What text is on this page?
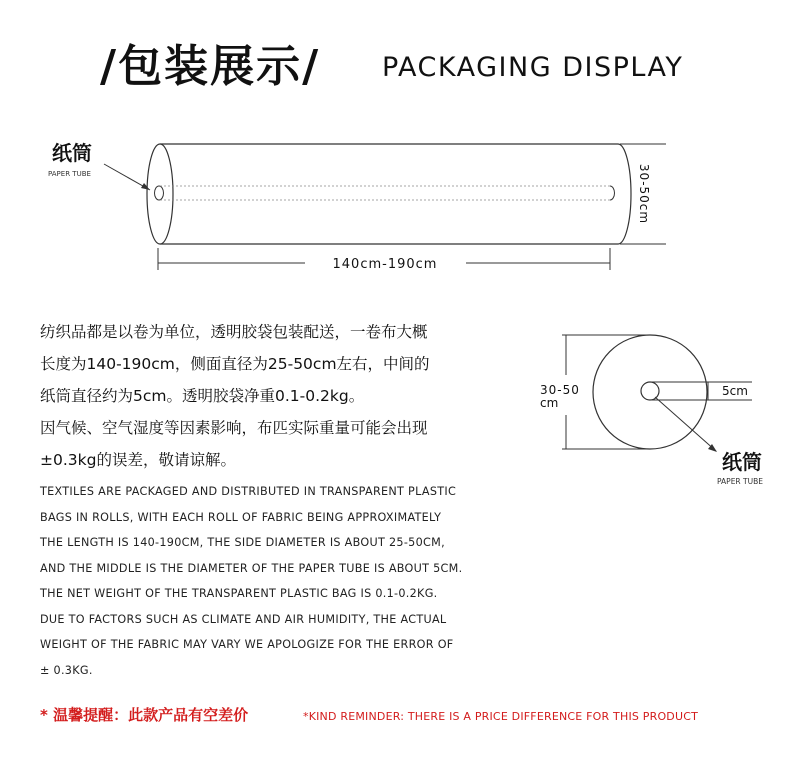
/包装展示/ PACKAGING DISPLAY
纸筒
PAPER TUBE
140cm-190cm
30-50cm
30-50
cm
5cm
纸筒
PAPER TUBE
纺织品都是以卷为单位，透明胶袋包装配送，一卷布大概
长度为140-190cm，侧面直径为25-50cm左右，中间的
纸筒直径约为5cm。透明胶袋净重0.1-0.2kg。
因气候、空气湿度等因素影响，布匹实际重量可能会出现
±0.3kg的误差，敬请谅解。
TEXTILES ARE PACKAGED AND DISTRIBUTED IN TRANSPARENT PLASTIC
BAGS IN ROLLS, WITH EACH ROLL OF FABRIC BEING APPROXIMATELY
THE LENGTH IS 140-190CM, THE SIDE DIAMETER IS ABOUT 25-50CM,
AND THE MIDDLE IS THE DIAMETER OF THE PAPER TUBE IS ABOUT 5CM.
THE NET WEIGHT OF THE TRANSPARENT PLASTIC BAG IS 0.1-0.2KG.
DUE TO FACTORS SUCH AS CLIMATE AND AIR HUMIDITY, THE ACTUAL
WEIGHT OF THE FABRIC MAY VARY WE APOLOGIZE FOR THE ERROR OF
± 0.3KG.
* 温馨提醒：此款产品有空差价	*KIND REMINDER: THERE IS A PRICE DIFFERENCE FOR THIS PRODUCT
